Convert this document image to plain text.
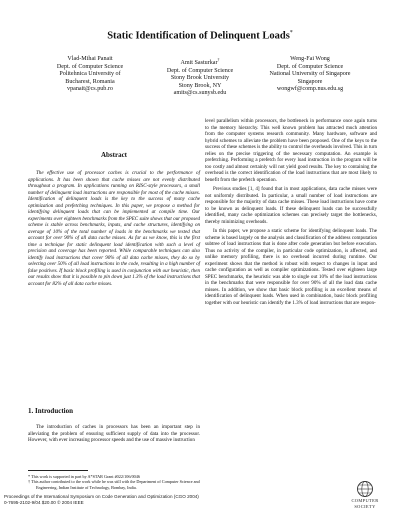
Static Identification of Delinquent Loads*
Vlad-Mihai Panait
Dept. of Computer Science
Politehnica University of
Bucharest, Romania
vpanait@cs.pub.ro
Amit Sasturkar†
Dept. of Computer Science
Stony Brook University
Stony Brook, NY
amits@cs.sunysb.edu
Weng-Fai Wong
Dept. of Computer Science
National University of Singapore
Singapore
wongwf@comp.nus.edu.sg
Abstract

The effective use of processor caches is crucial to the performance of applications. It has been shown that cache misses are not evenly distributed throughout a program. In applications running on RISC-style processors, a small number of delinquent load instructions are responsible for most of the cache misses. Identification of delinquent loads is the key to the success of many cache optimization and prefetching techniques. In this paper, we propose a method for identifying delinquent loads that can be implemented at compile time. Our experiments over eighteen benchmarks from the SPEC suite shows that our proposed scheme is stable across benchmarks, inputs, and cache structures, identifying on average of 10% of the total number of loads in the benchmarks we tested that account for over 90% of all data cache misses. As far as we know, this is the first time a technique for static delinquent load identification with such a level of precision and coverage has been reported. While comparable techniques can also identify load instructions that cover 90% of all data cache misses, they do so by selecting over 50% of all load instructions in the code, resulting in a high number of false positives. If basic block profiling is used in conjunction with our heuristic, then our results show that it is possible to pin down just 1.3% of the load instructions that account for 82% of all data cache misses.

1. Introduction

The introduction of caches in processors has been an important step in alleviating the problem of ensuring sufficient supply of data into the processor. However, with ever increasing processor speeds and the use of massive instruction

* This work is supported in part by A*STAR Grant #022/106/0046
† This author contributed to the work while he was still with the Department of Computer Science and Engineering, Indian Institute of Technology, Bombay, India.

level parallelism within processors, the bottleneck in performance once again turns to the memory hierarchy. This well known problem has attracted much attention from the computer systems research community. Many hardware, software and hybrid schemes to alleviate the problem have been proposed. One of the keys to the success of these schemes is the ability to control the overheads involved. This in turn relies on the precise triggering of the necessary computation. An example is prefetching. Performing a prefetch for every load instruction in the program will be too costly and almost certainly will not yield good results. The key to containing the overhead is the correct identification of the load instructions that are most likely to benefit from the prefetch operation.

Previous studies [1, 4] found that in most applications, data cache misses were not uniformly distributed. In particular, a small number of load instructions are responsible for the majority of data cache misses. These load instructions have come to be known as delinquent loads. If these delinquent loads can be successfully identified, many cache optimization schemes can precisely target the bottlenecks, thereby minimizing overheads.

In this paper, we propose a static scheme for identifying delinquent loads. The scheme is based largely on the analysis and classification of the address computation subtree of load instructions that is done after code generation but before execution. Thus no activity of the compiler, in particular code optimization, is affected, and unlike memory profiling, there is no overhead incurred during runtime. Our experiment shows that the method is robust with respect to changes in input and cache configuration as well as compiler optimizations. Tested over eighteen large SPEC benchmarks, the heuristic was able to single out 10% of the load instructions in the benchmarks that were responsible for over 90% of all the load data cache misses. In addition, we show that basic block profiling is an excellent means of identification of delinquent loads. When used in combination, basic block profiling together with our heuristic can identify the 1.3% of load instructions that are respon-

Proceedings of the International Symposium on Code Generation and Optimization (CGO 2004)
0-7695-2102-9/04 $20.00 © 2004 IEEE	COMPUTER
SOCIETY
